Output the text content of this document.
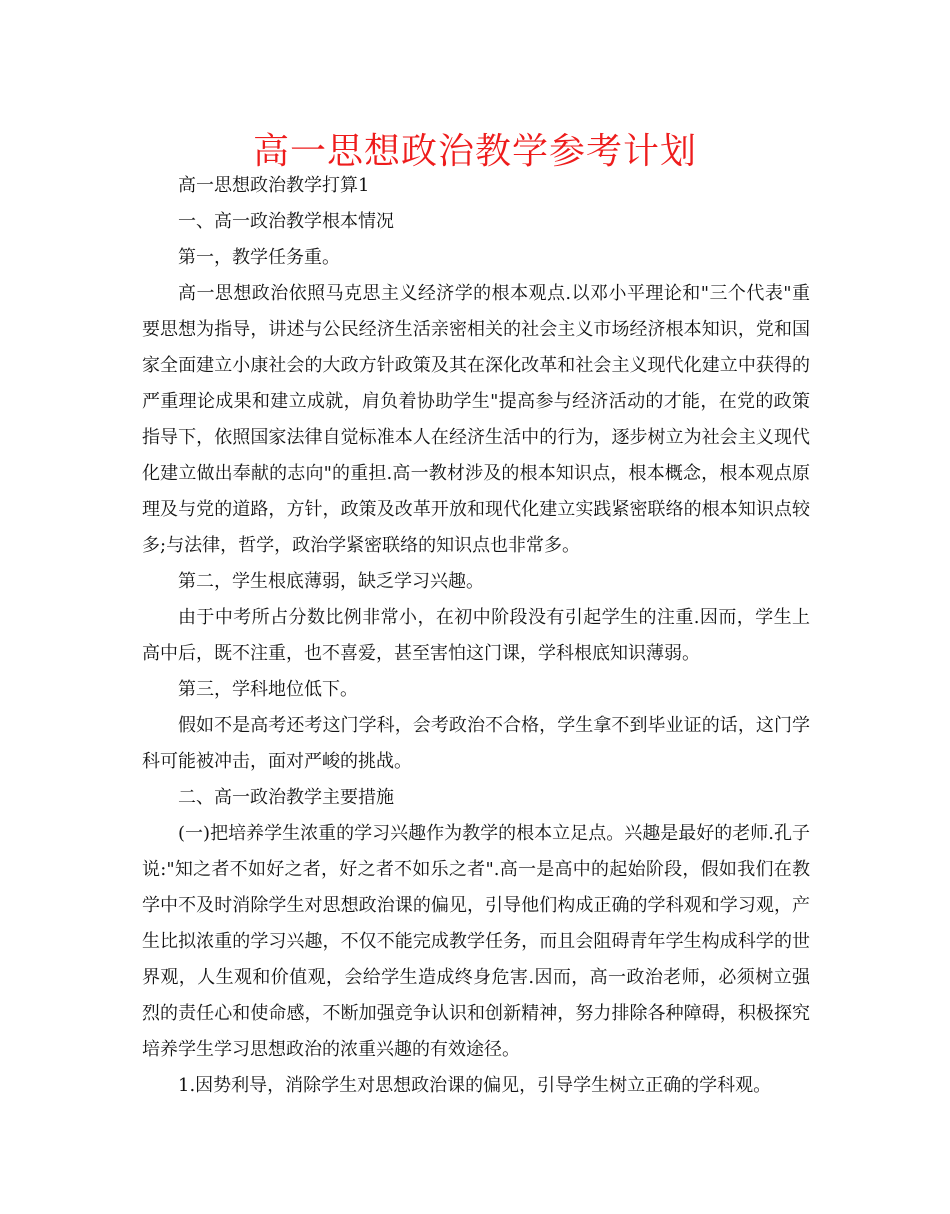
高一思想政治教学参考计划

高一思想政治教学打算1

一、高一政治教学根本情况

第一，教学任务重。

高一思想政治依照马克思主义经济学的根本观点.以邓小平理论和"三个代表"重要思想为指导，讲述与公民经济生活亲密相关的社会主义市场经济根本知识，党和国家全面建立小康社会的大政方针政策及其在深化改革和社会主义现代化建立中获得的严重理论成果和建立成就，肩负着协助学生"提高参与经济活动的才能，在党的政策指导下，依照国家法律自觉标准本人在经济生活中的行为，逐步树立为社会主义现代化建立做出奉献的志向"的重担.高一教材涉及的根本知识点，根本概念，根本观点原理及与党的道路，方针，政策及改革开放和现代化建立实践紧密联络的根本知识点较多;与法律，哲学，政治学紧密联络的知识点也非常多。

第二，学生根底薄弱，缺乏学习兴趣。

由于中考所占分数比例非常小，在初中阶段没有引起学生的注重.因而，学生上高中后，既不注重，也不喜爱，甚至害怕这门课，学科根底知识薄弱。

第三，学科地位低下。

假如不是高考还考这门学科，会考政治不合格，学生拿不到毕业证的话，这门学科可能被冲击，面对严峻的挑战。

二、高一政治教学主要措施

(一)把培养学生浓重的学习兴趣作为教学的根本立足点。兴趣是最好的老师.孔子说:"知之者不如好之者，好之者不如乐之者".高一是高中的起始阶段，假如我们在教学中不及时消除学生对思想政治课的偏见，引导他们构成正确的学科观和学习观，产生比拟浓重的学习兴趣，不仅不能完成教学任务，而且会阻碍青年学生构成科学的世界观，人生观和价值观，会给学生造成终身危害.因而，高一政治老师，必须树立强烈的责任心和使命感，不断加强竞争认识和创新精神，努力排除各种障碍，积极探究培养学生学习思想政治的浓重兴趣的有效途径。

1.因势利导，消除学生对思想政治课的偏见，引导学生树立正确的学科观。
